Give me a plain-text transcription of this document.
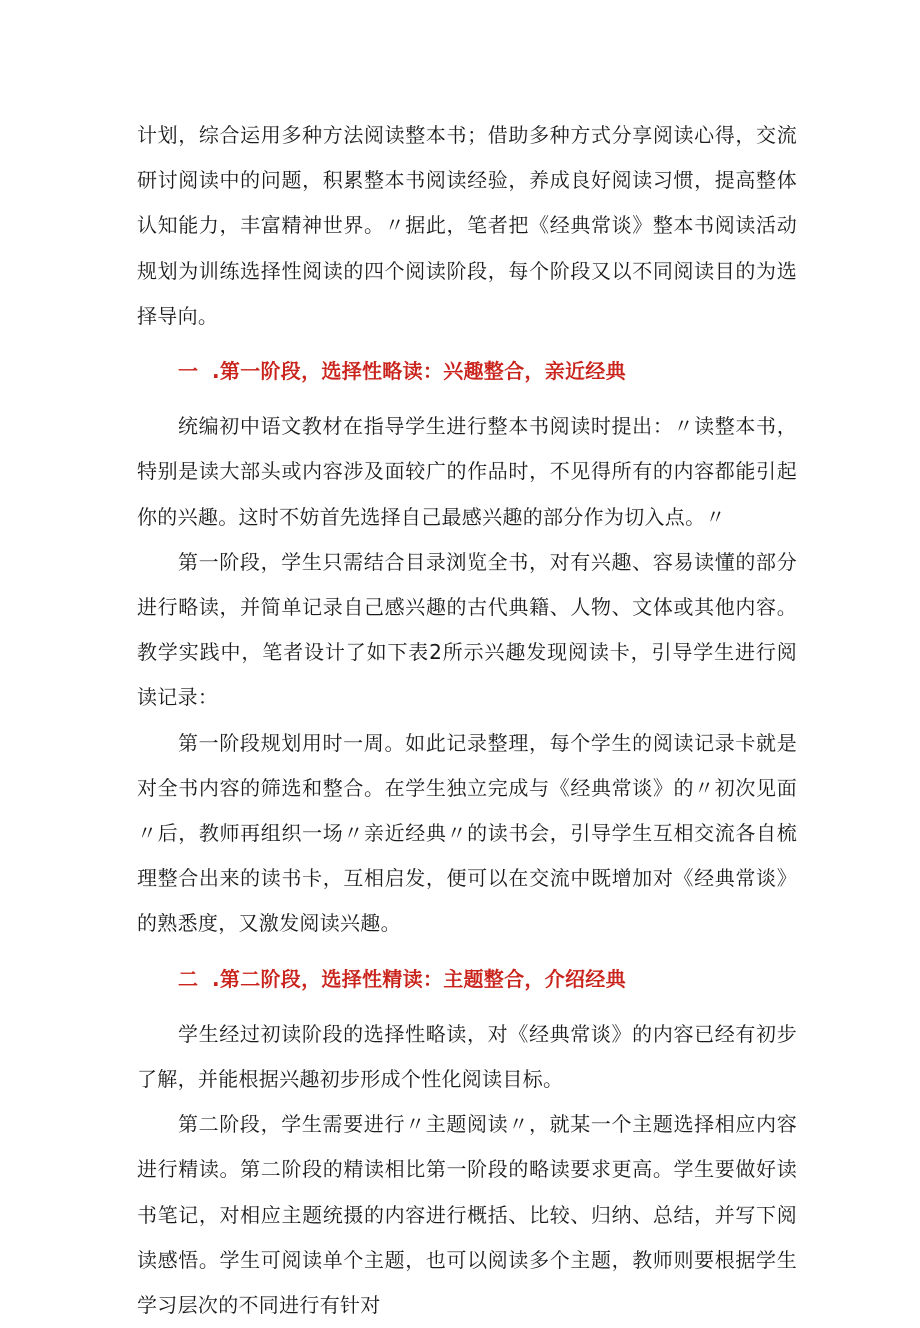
计划，综合运用多种方法阅读整本书；借助多种方式分享阅读心得，交流研讨阅读中的问题，积累整本书阅读经验，养成良好阅读习惯，提高整体认知能力，丰富精神世界。〃据此，笔者把《经典常谈》整本书阅读活动规划为训练选择性阅读的四个阅读阶段，每个阶段又以不同阅读目的为选择导向。

一 .第一阶段，选择性略读：兴趣整合，亲近经典

统编初中语文教材在指导学生进行整本书阅读时提出：〃读整本书，特别是读大部头或内容涉及面较广的作品时，不见得所有的内容都能引起你的兴趣。这时不妨首先选择自己最感兴趣的部分作为切入点。〃

第一阶段，学生只需结合目录浏览全书，对有兴趣、容易读懂的部分进行略读，并简单记录自己感兴趣的古代典籍、人物、文体或其他内容。教学实践中，笔者设计了如下表2所示兴趣发现阅读卡，引导学生进行阅读记录：

第一阶段规划用时一周。如此记录整理，每个学生的阅读记录卡就是对全书内容的筛选和整合。在学生独立完成与《经典常谈》的〃初次见面〃后，教师再组织一场〃亲近经典〃的读书会，引导学生互相交流各自梳理整合出来的读书卡，互相启发，便可以在交流中既增加对《经典常谈》的熟悉度，又激发阅读兴趣。

二 .第二阶段，选择性精读：主题整合，介绍经典

学生经过初读阶段的选择性略读，对《经典常谈》的内容已经有初步了解，并能根据兴趣初步形成个性化阅读目标。

第二阶段，学生需要进行〃主题阅读〃，就某一个主题选择相应内容进行精读。第二阶段的精读相比第一阶段的略读要求更高。学生要做好读书笔记，对相应主题统摄的内容进行概括、比较、归纳、总结，并写下阅读感悟。学生可阅读单个主题，也可以阅读多个主题，教师则要根据学生学习层次的不同进行有针对
